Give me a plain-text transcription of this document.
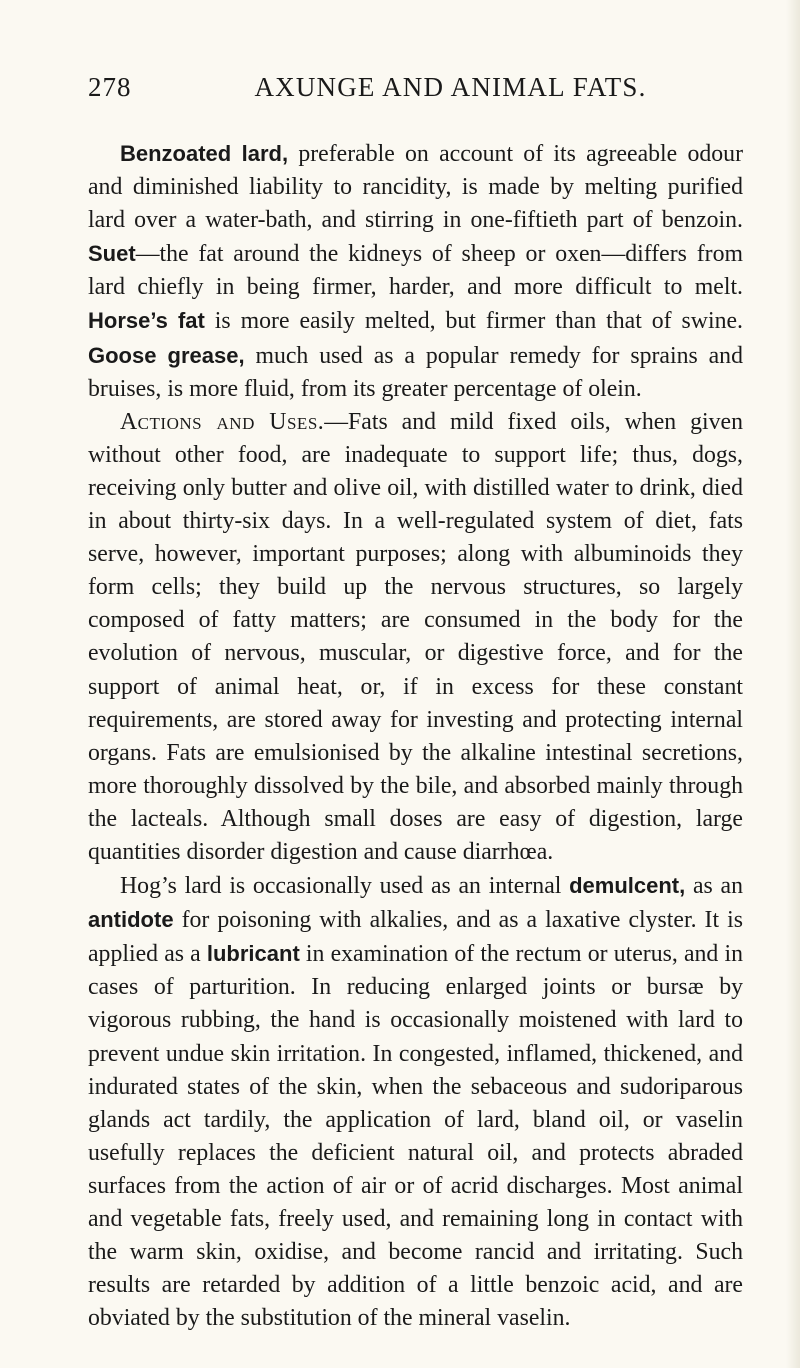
278	AXUNGE AND ANIMAL FATS.

Benzoated lard, preferable on account of its agreeable odour and diminished liability to rancidity, is made by melting purified lard over a water-bath, and stirring in one-fiftieth part of benzoin. Suet—the fat around the kidneys of sheep or oxen—differs from lard chiefly in being firmer, harder, and more difficult to melt. Horse’s fat is more easily melted, but firmer than that of swine. Goose grease, much used as a popular remedy for sprains and bruises, is more fluid, from its greater percentage of olein.

Actions and Uses.—Fats and mild fixed oils, when given without other food, are inadequate to support life; thus, dogs, receiving only butter and olive oil, with distilled water to drink, died in about thirty-six days. In a well-regulated system of diet, fats serve, however, important purposes; along with albuminoids they form cells; they build up the nervous structures, so largely composed of fatty matters; are consumed in the body for the evolution of nervous, muscular, or digestive force, and for the support of animal heat, or, if in excess for these constant requirements, are stored away for investing and protecting internal organs. Fats are emulsionised by the alkaline intestinal secretions, more thoroughly dissolved by the bile, and absorbed mainly through the lacteals. Although small doses are easy of digestion, large quantities disorder digestion and cause diarrhœa.

Hog’s lard is occasionally used as an internal demulcent, as an antidote for poisoning with alkalies, and as a laxative clyster. It is applied as a lubricant in examination of the rectum or uterus, and in cases of parturition. In reducing enlarged joints or bursæ by vigorous rubbing, the hand is occasionally moistened with lard to prevent undue skin irritation. In congested, inflamed, thickened, and indurated states of the skin, when the sebaceous and sudoriparous glands act tardily, the application of lard, bland oil, or vaselin usefully replaces the deficient natural oil, and protects abraded surfaces from the action of air or of acrid discharges. Most animal and vegetable fats, freely used, and remaining long in contact with the warm skin, oxidise, and become rancid and irritating. Such results are retarded by addition of a little benzoic acid, and are obviated by the substitution of the mineral vaselin.
